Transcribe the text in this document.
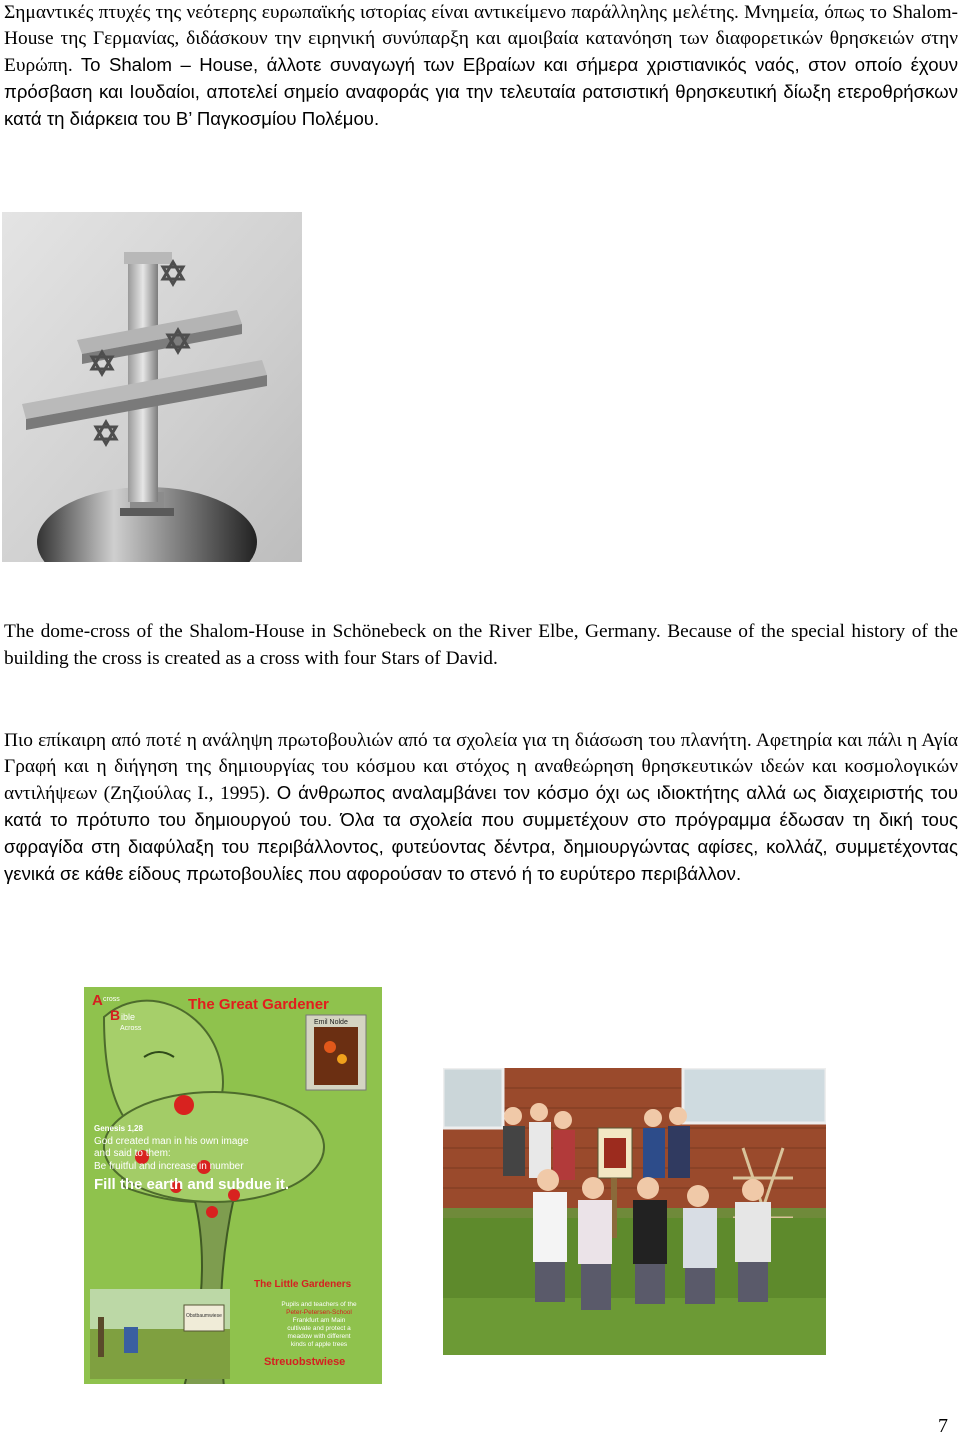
Σημαντικές πτυχές της νεότερης ευρωπαϊκής ιστορίας είναι αντικείμενο παράλληλης μελέτης. Μνημεία, όπως το Shalom-House της Γερμανίας, διδάσκουν την ειρηνική συνύπαρξη και αμοιβαία κατανόηση των διαφορετικών θρησκειών στην Ευρώπη. Το Shalom – House, άλλοτε συναγωγή των Εβραίων και σήμερα χριστιανικός ναός, στον οποίο έχουν πρόσβαση και Ιουδαίοι, αποτελεί σημείο αναφοράς για την τελευταία ρατσιστική θρησκευτική δίωξη ετεροθρήσκων κατά τη διάρκεια του Β’ Παγκοσμίου Πολέμου.

The dome-cross of the Shalom-House in Schönebeck on the River Elbe, Germany. Because of the special history of the building the cross is created as a cross with four Stars of David.

Πιο επίκαιρη από ποτέ η ανάληψη πρωτοβουλιών από τα σχολεία για τη διάσωση του πλανήτη. Αφετηρία και πάλι η Αγία Γραφή και η διήγηση της δημιουργίας του κόσμου και στόχος η αναθεώρηση θρησκευτικών ιδεών και κοσμολογικών αντιλήψεων (Ζηζιούλας Ι., 1995). Ο άνθρωπος αναλαμβάνει τον κόσμο όχι ως ιδιοκτήτης αλλά ως διαχειριστής του κατά το πρότυπο του δημιουργού του. Όλα τα σχολεία που συμμετέχουν στο πρόγραμμα έδωσαν τη δική τους σφραγίδα στη διαφύλαξη του περιβάλλοντος, φυτεύοντας δέντρα, δημιουργώντας αφίσες, κολλάζ, συμμετέχοντας γενικά σε κάθε είδους πρωτοβουλίες που αφορούσαν το στενό ή το ευρύτερο περιβάλλον.

Emil Nolde
A cross
B ible
Across
The Great Gardener
Genesis 1,28
God created man in his own image
and said to them:
Be fruitful and increase in number
Fill the earth and subdue it.
The Little Gardeners
Pupils and teachers of the
Peter-Petersen-School
Frankfurt am Main
cultivate and protect a
meadow with different
kinds of apple trees
Obstbaumwiese
Streuobstwiese

7
